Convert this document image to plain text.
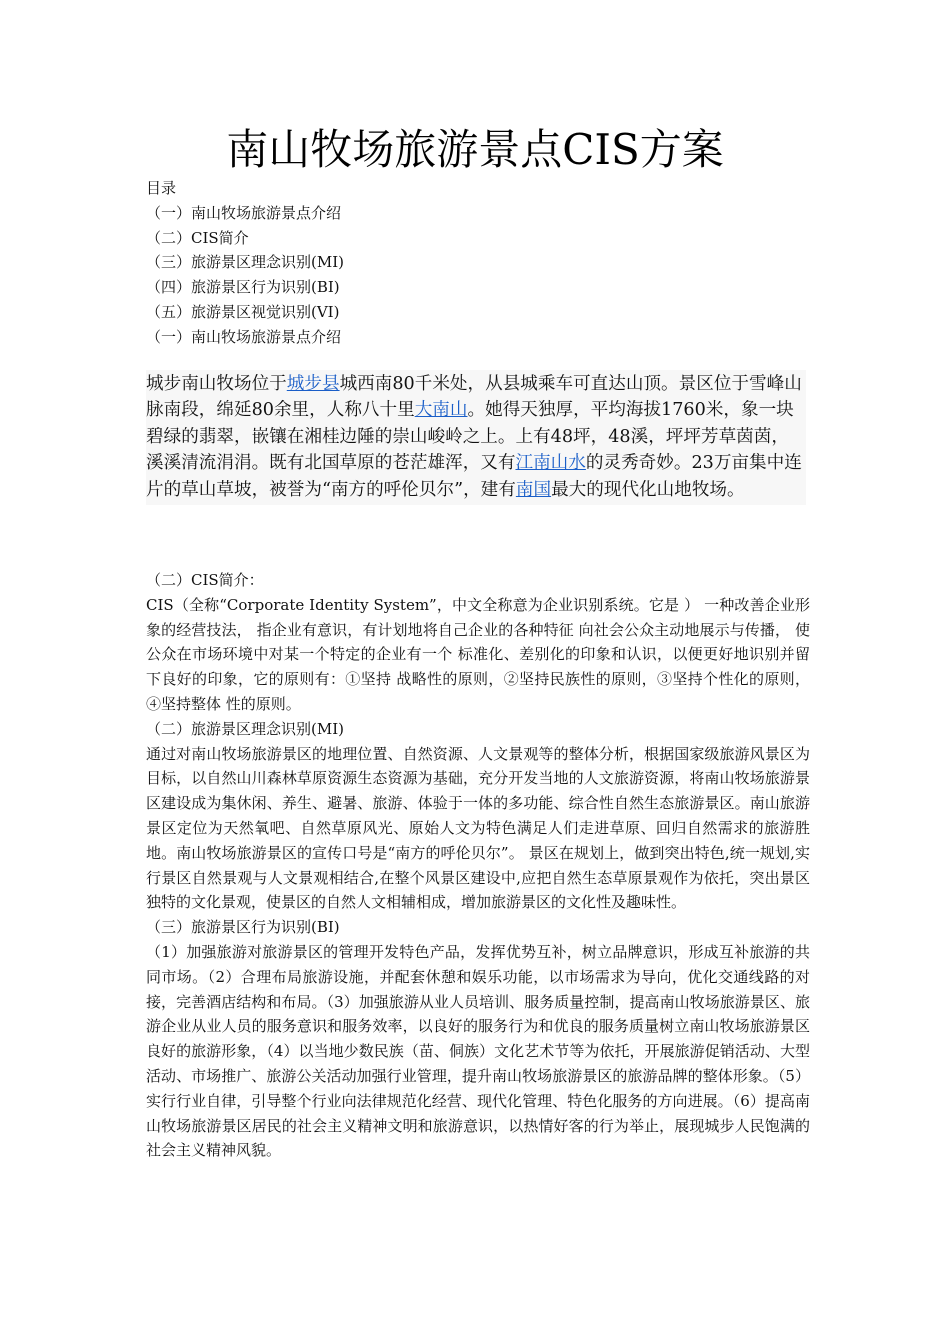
南山牧场旅游景点CIS方案
目录
（一）南山牧场旅游景点介绍
（二）CIS简介
（三）旅游景区理念识别(MI)
（四）旅游景区行为识别(BI)
（五）旅游景区视觉识别(VI)
（一）南山牧场旅游景点介绍
城步南山牧场位于城步县城西南80千米处，从县城乘车可直达山顶。景区位于雪峰山脉南段，绵延80余里，人称八十里大南山。她得天独厚，平均海拔1760米，象一块碧绿的翡翠，嵌镶在湘桂边陲的崇山峻岭之上。上有48坪，48溪，坪坪芳草茵茵，溪溪清流涓涓。既有北国草原的苍茫雄浑，又有江南山水的灵秀奇妙。23万亩集中连片的草山草坡，被誉为“南方的呼伦贝尔”，建有南国最大的现代化山地牧场。
（二）CIS简介：
CIS（全称“Corporate Identity System”，中文全称意为企业识别系统。它是 ） 一种改善企业形象的经营技法， 指企业有意识，有计划地将自己企业的各种特征 向社会公众主动地展示与传播， 使公众在市场环境中对某一个特定的企业有一个 标准化、差别化的印象和认识，以便更好地识别并留下良好的印象，它的原则有：①坚持 战略性的原则，②坚持民族性的原则，③坚持个性化的原则，④坚持整体 性的原则。
（二）旅游景区理念识别(MI)
通过对南山牧场旅游景区的地理位置、自然资源、人文景观等的整体分析，根据国家级旅游风景区为目标，以自然山川森林草原资源生态资源为基础，充分开发当地的人文旅游资源，将南山牧场旅游景区建设成为集休闲、养生、避暑、旅游、体验于一体的多功能、综合性自然生态旅游景区。南山旅游景区定位为天然氧吧、自然草原风光、原始人文为特色满足人们走进草原、回归自然需求的旅游胜地。南山牧场旅游景区的宣传口号是“南方的呼伦贝尔”。 景区在规划上，做到突出特色,统一规划,实行景区自然景观与人文景观相结合,在整个风景区建设中,应把自然生态草原景观作为依托，突出景区独特的文化景观，使景区的自然人文相辅相成，增加旅游景区的文化性及趣味性。
（三）旅游景区行为识别(BI)
（1）加强旅游对旅游景区的管理开发特色产品，发挥优势互补，树立品牌意识，形成互补旅游的共同市场。（2）合理布局旅游设施，并配套休憩和娱乐功能，以市场需求为导向，优化交通线路的对接，完善酒店结构和布局。（3）加强旅游从业人员培训、服务质量控制，提高南山牧场旅游景区、旅游企业从业人员的服务意识和服务效率，以良好的服务行为和优良的服务质量树立南山牧场旅游景区良好的旅游形象，（4）以当地少数民族（苗、侗族）文化艺术节等为依托，开展旅游促销活动、大型活动、市场推广、旅游公关活动加强行业管理，提升南山牧场旅游景区的旅游品牌的整体形象。（5）实行行业自律，引导整个行业向法律规范化经营、现代化管理、特色化服务的方向进展。（6）提高南山牧场旅游景区居民的社会主义精神文明和旅游意识，以热情好客的行为举止，展现城步人民饱满的社会主义精神风貌。
